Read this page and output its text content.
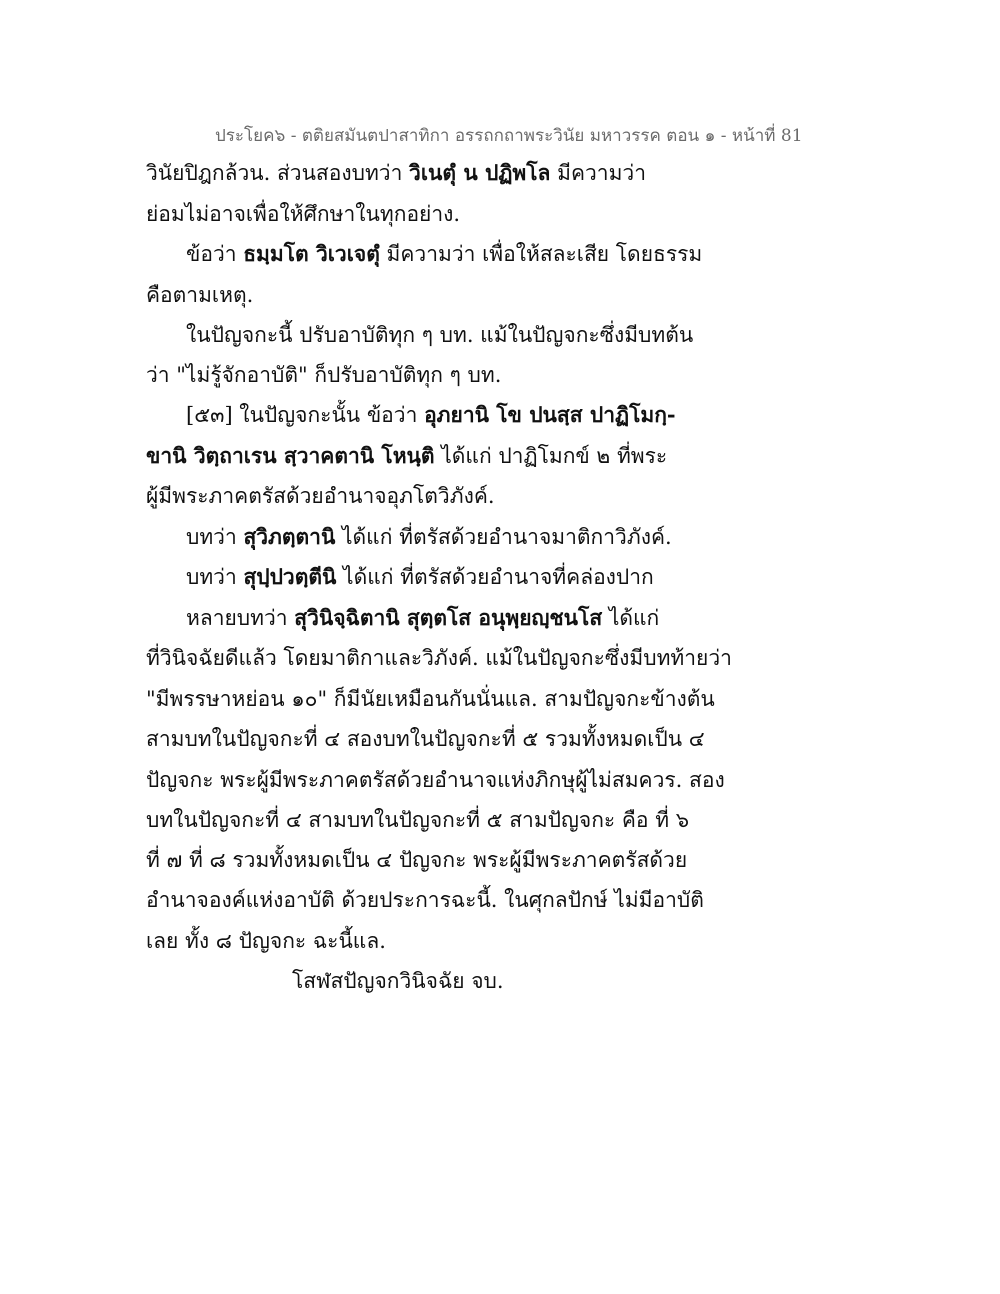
ประโยค๖ - ตติยสมันตปาสาทิกา อรรถกถาพระวินัย มหาวรรค ตอน ๑ - หน้าที่ 81
วินัยปิฎกล้วน. ส่วนสองบทว่า วิเนตุํ น ปฏิพโล มีความว่า
ย่อมไม่อาจเพื่อให้ศึกษาในทุกอย่าง.
ข้อว่า ธมฺมโต วิเวเจตุํ มีความว่า เพื่อให้สละเสีย โดยธรรม
คือตามเหตุ.
ในปัญจกะนี้ ปรับอาบัติทุก ๆ บท. แม้ในปัญจกะซึ่งมีบทต้น
ว่า "ไม่รู้จักอาบัติ" ก็ปรับอาบัติทุก ๆ บท.
[๕๓] ในปัญจกะนั้น ข้อว่า อุภยานิ โข ปนสฺส ปาฏิโมกฺ-
ขานิ วิตฺถาเรน สฺวาคตานิ โหนฺติ ได้แก่ ปาฏิโมกข์ ๒ ที่พระ
ผู้มีพระภาคตรัสด้วยอำนาจอุภโตวิภังค์.
บทว่า สุวิภตฺตานิ ได้แก่ ที่ตรัสด้วยอำนาจมาติกาวิภังค์.
บทว่า สุปฺปวตฺตีนิ ได้แก่ ที่ตรัสด้วยอำนาจที่คล่องปาก
หลายบทว่า สุวินิจฺฉิตานิ สุตฺตโส อนุพฺยญฺชนโส ได้แก่
ที่วินิจฉัยดีแล้ว โดยมาติกาและวิภังค์. แม้ในปัญจกะซึ่งมีบทท้ายว่า
"มีพรรษาหย่อน ๑๐" ก็มีนัยเหมือนกันนั่นแล. สามปัญจกะข้างต้น
สามบทในปัญจกะที่ ๔ สองบทในปัญจกะที่ ๕ รวมทั้งหมดเป็น ๔
ปัญจกะ พระผู้มีพระภาคตรัสด้วยอำนาจแห่งภิกษุผู้ไม่สมควร. สอง
บทในปัญจกะที่ ๔ สามบทในปัญจกะที่ ๕ สามปัญจกะ คือ ที่ ๖
ที่ ๗ ที่ ๘ รวมทั้งหมดเป็น ๔ ปัญจกะ พระผู้มีพระภาคตรัสด้วย
อำนาจองค์แห่งอาบัติ ด้วยประการฉะนี้. ในศุกลปักษ์ ไม่มีอาบัติ
เลย ทั้ง ๘ ปัญจกะ ฉะนี้แล.
โสฬสปัญจกวินิจฉัย จบ.
